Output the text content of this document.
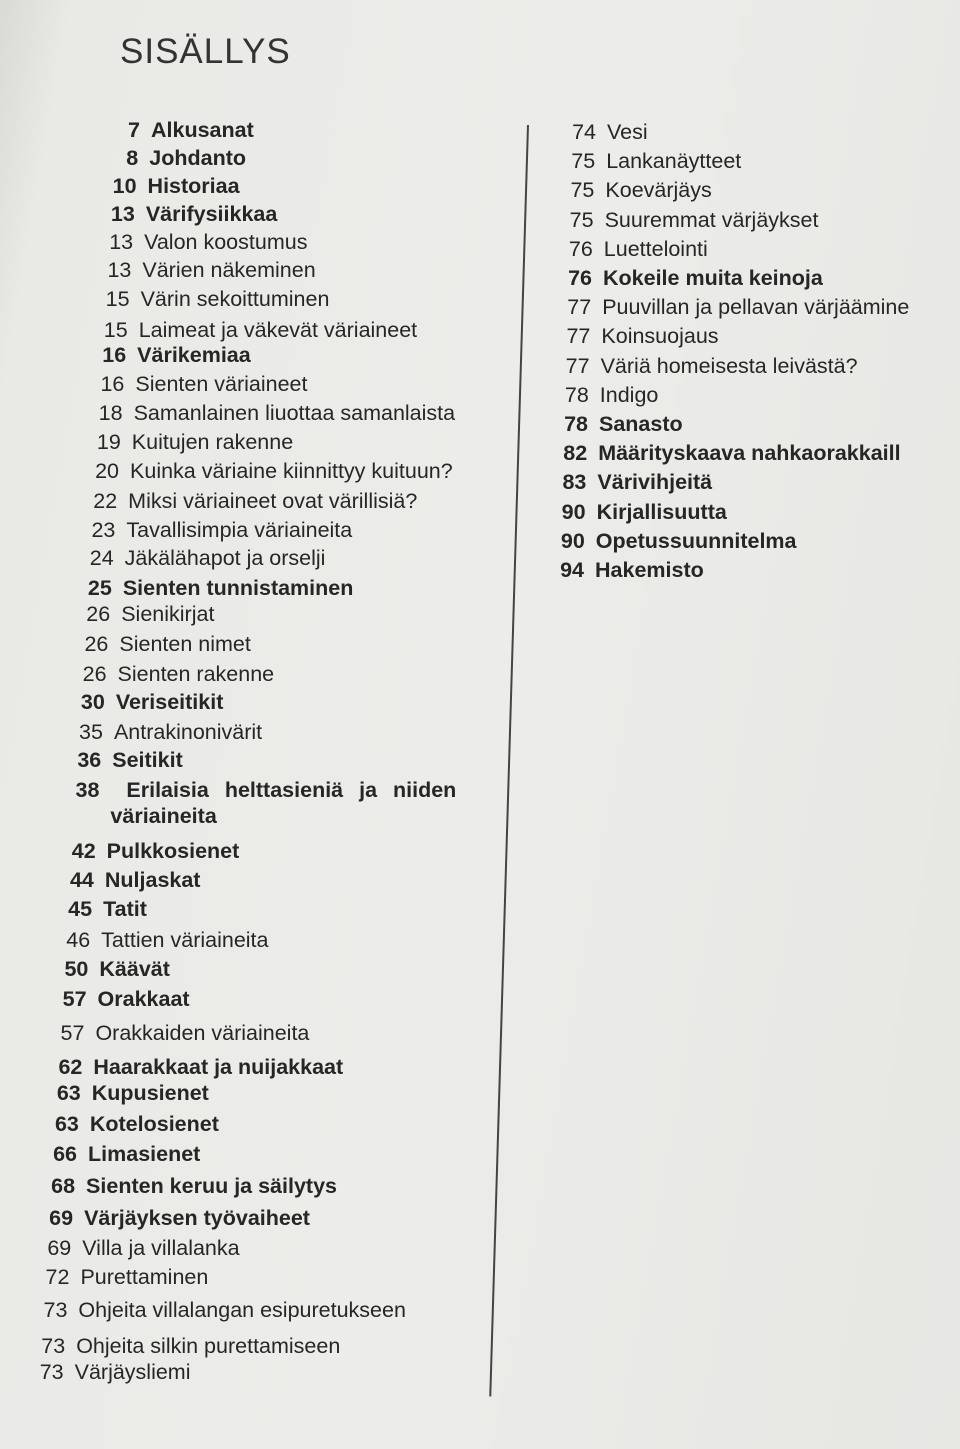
SISÄLLYS
7 Alkusanat
8 Johdanto
10 Historiaa
13 Värifysiikkaa
13 Valon koostumus
13 Värien näkeminen
15 Värin sekoittuminen
15 Laimeat ja väkevät väriaineet
16 Värikemiaa
16 Sienten väriaineet
18 Samanlainen liuottaa samanlaista
19 Kuitujen rakenne
20 Kuinka väriaine kiinnittyy kuituun?
22 Miksi väriaineet ovat värillisiä?
23 Tavallisimpia väriaineita
24 Jäkälähapot ja orselji
25 Sienten tunnistaminen
26 Sienikirjat
26 Sienten nimet
26 Sienten rakenne
30 Veriseitikit
35 Antrakinonivärit
36 Seitikit
38 Erilaisia helttasieniä ja niiden väriaineita
42 Pulkkosienet
44 Nuljaskat
45 Tatit
46 Tattien väriaineita
50 Käävät
57 Orakkaat
57 Orakkaiden väriaineita
62 Haarakkaat ja nuijakkaat
63 Kupusienet
63 Kotelosienet
66 Limasienet
68 Sienten keruu ja säilytys
69 Värjäyksen työvaiheet
69 Villa ja villalanka
72 Purettaminen
73 Ohjeita villalangan esipuretukseen
73 Ohjeita silkin purettamiseen
73 Värjäysliemi
74 Vesi
75 Lankanäytteet
75 Koevärjäys
75 Suuremmat värjäykset
76 Luettelointi
76 Kokeile muita keinoja
77 Puuvillan ja pellavan värjäämine
77 Koinsuojaus
77 Väriä homeisesta leivästä?
78 Indigo
78 Sanasto
82 Määrityskaava nahkaorakkaill
83 Värivihjeitä
90 Kirjallisuutta
90 Opetussuunnitelma
94 Hakemisto
